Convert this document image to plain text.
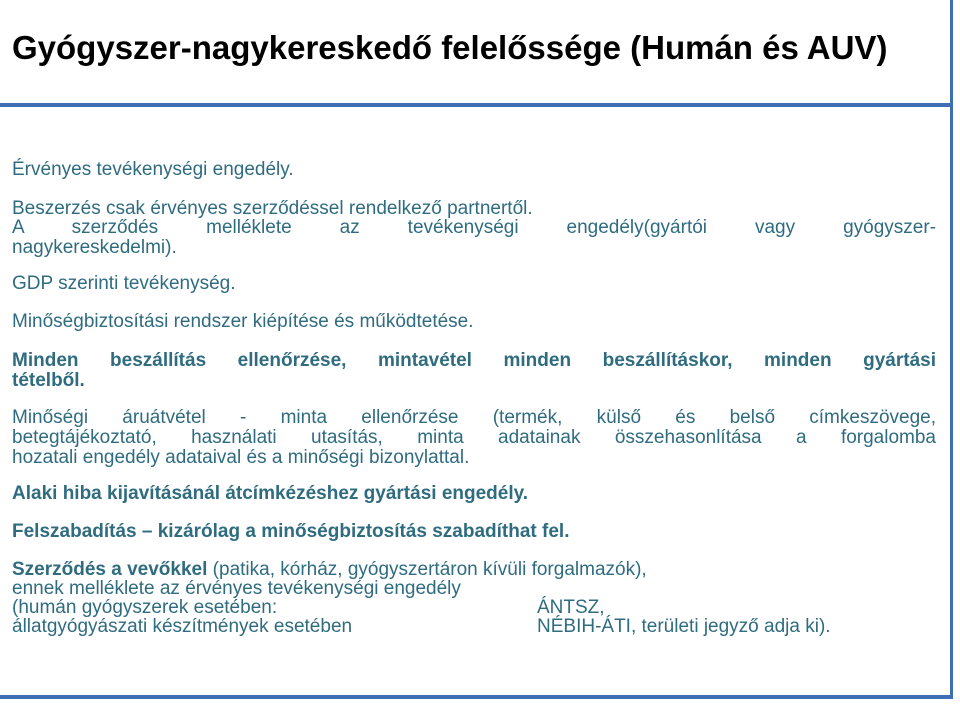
Gyógyszer-nagykereskedő felelőssége (Humán és AUV)
Érvényes tevékenységi engedély.
Beszerzés csak érvényes szerződéssel rendelkező partnertől.
A szerződés melléklete az tevékenységi engedély(gyártói vagy gyógyszer-
nagykereskedelmi).
GDP szerinti tevékenység.
Minőségbiztosítási rendszer kiépítése és működtetése.
Minden beszállítás ellenőrzése, mintavétel minden beszállításkor, minden gyártási
tételből.
Minőségi áruátvétel - minta ellenőrzése (termék, külső és belső címkeszövege,
betegtájékoztató, használati utasítás, minta adatainak összehasonlítása a forgalomba
hozatali engedély adataival és a minőségi bizonylattal.
Alaki hiba kijavításánál átcímkézéshez gyártási engedély.
Felszabadítás – kizárólag a minőségbiztosítás szabadíthat fel.
Szerződés a vevőkkel (patika, kórház, gyógyszertáron kívüli forgalmazók),
ennek melléklete az érvényes tevékenységi engedély
(humán gyógyszerek esetében:	ÁNTSZ,
állatgyógyászati készítmények esetében	NÉBIH-ÁTI, területi jegyző adja ki).
